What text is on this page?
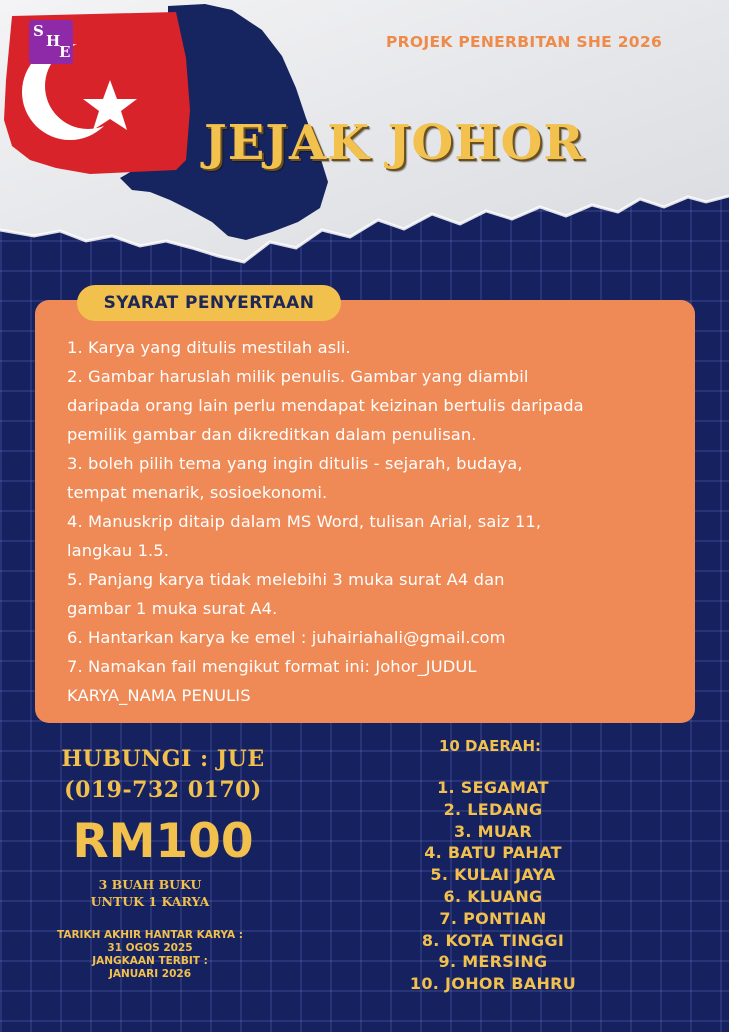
S
H
E
PROJEK PENERBITAN SHE 2026
JEJAK JOHOR
SYARAT PENYERTAAN
1. Karya yang ditulis mestilah asli.
2. Gambar haruslah milik penulis. Gambar yang diambil
daripada orang lain perlu mendapat keizinan bertulis daripada
pemilik gambar dan dikreditkan dalam penulisan.
3. boleh pilih tema yang ingin ditulis - sejarah, budaya,
tempat menarik, sosioekonomi.
4. Manuskrip ditaip dalam MS Word, tulisan Arial, saiz 11,
langkau 1.5.
5. Panjang karya tidak melebihi 3 muka surat A4 dan
gambar 1 muka surat A4.
6. Hantarkan karya ke emel : juhairiahali@gmail.com
7. Namakan fail mengikut format ini: Johor_JUDUL
KARYA_NAMA PENULIS
HUBUNGI : JUE
(019-732 0170)
RM100
3 BUAH BUKU
UNTUK 1 KARYA
TARIKH AKHIR HANTAR KARYA :
31 OGOS 2025
JANGKAAN TERBIT :
JANUARI 2026
10 DAERAH:
1. SEGAMAT
2. LEDANG
3. MUAR
4. BATU PAHAT
5. KULAI JAYA
6. KLUANG
7. PONTIAN
8. KOTA TINGGI
9. MERSING
10. JOHOR BAHRU
